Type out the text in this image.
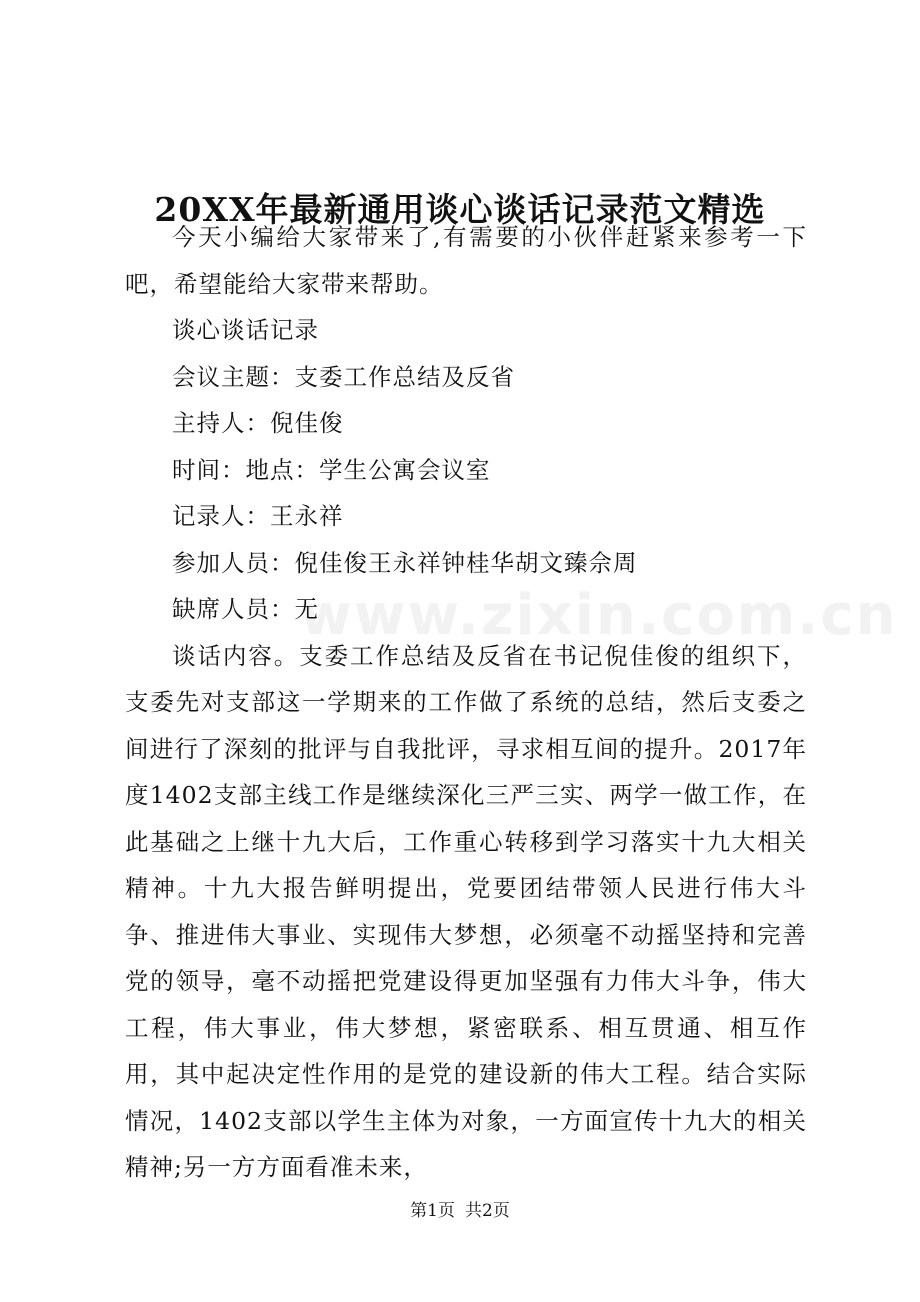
www.zixin.com.cn
20XX年最新通用谈心谈话记录范文精选

今天小编给大家带来了,有需要的小伙伴赶紧来参考一下吧，希望能给大家带来帮助。

谈心谈话记录

会议主题：支委工作总结及反省

主持人：倪佳俊

时间：地点：学生公寓会议室

记录人：王永祥

参加人员：倪佳俊王永祥钟桂华胡文臻佘周

缺席人员：无

谈话内容。支委工作总结及反省在书记倪佳俊的组织下，支委先对支部这一学期来的工作做了系统的总结，然后支委之间进行了深刻的批评与自我批评，寻求相互间的提升。2017年度1402支部主线工作是继续深化三严三实、两学一做工作，在此基础之上继十九大后，工作重心转移到学习落实十九大相关精神。十九大报告鲜明提出，党要团结带领人民进行伟大斗争、推进伟大事业、实现伟大梦想，必须毫不动摇坚持和完善党的领导，毫不动摇把党建设得更加坚强有力伟大斗争，伟大工程，伟大事业，伟大梦想，紧密联系、相互贯通、相互作用，其中起决定性作用的是党的建设新的伟大工程。结合实际情况，1402支部以学生主体为对象，一方面宣传十九大的相关精神;另一方方面看准未来，

第1页 共2页
